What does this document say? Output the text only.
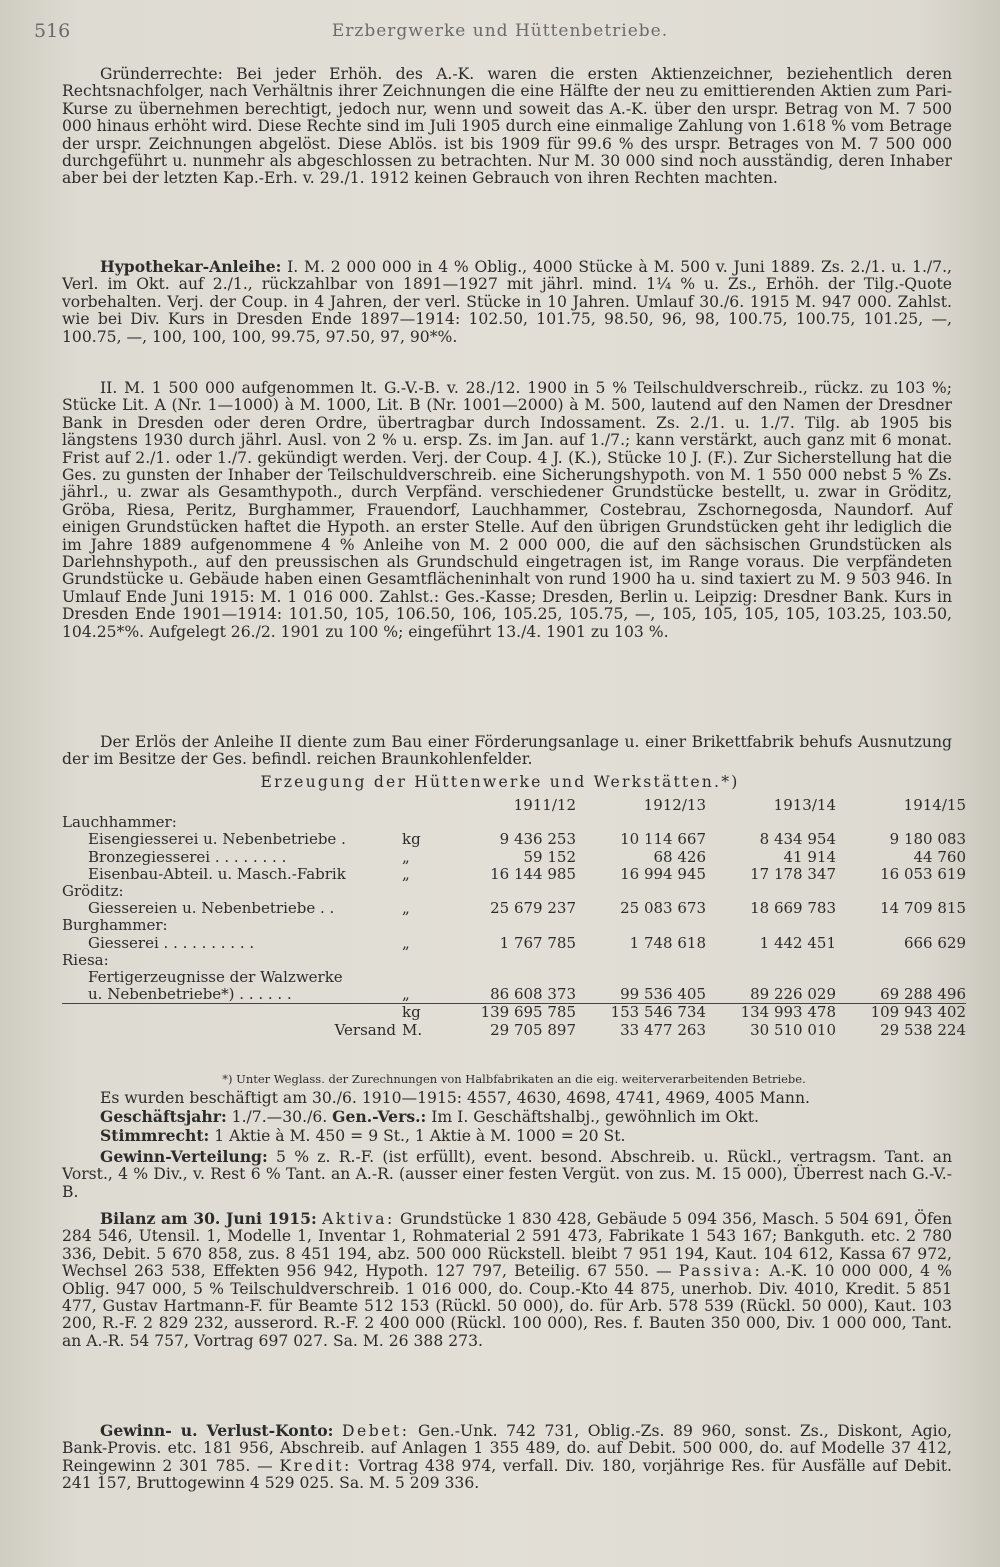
516	Erzbergwerke und Hüttenbetriebe.
Gründerrechte: Bei jeder Erhöh. des A.-K. waren die ersten Aktienzeichner, beziehentlich deren Rechtsnachfolger, nach Verhältnis ihrer Zeichnungen die eine Hälfte der neu zu emittierenden Aktien zum Pari-Kurse zu übernehmen berechtigt, jedoch nur, wenn und soweit das A.-K. über den urspr. Betrag von M. 7 500 000 hinaus erhöht wird. Diese Rechte sind im Juli 1905 durch eine einmalige Zahlung von 1.618 % vom Betrage der urspr. Zeichnungen abgelöst. Diese Ablös. ist bis 1909 für 99.6 % des urspr. Betrages von M. 7 500 000 durchgeführt u. nunmehr als abgeschlossen zu betrachten. Nur M. 30 000 sind noch ausständig, deren Inhaber aber bei der letzten Kap.-Erh. v. 29./1. 1912 keinen Gebrauch von ihren Rechten machten.
Hypothekar-Anleihe: I. M. 2 000 000 in 4 % Oblig., 4000 Stücke à M. 500 v. Juni 1889. Zs. 2./1. u. 1./7., Verl. im Okt. auf 2./1., rückzahlbar von 1891—1927 mit jährl. mind. 1¼ % u. Zs., Erhöh. der Tilg.-Quote vorbehalten. Verj. der Coup. in 4 Jahren, der verl. Stücke in 10 Jahren. Umlauf 30./6. 1915 M. 947 000. Zahlst. wie bei Div. Kurs in Dresden Ende 1897—1914: 102.50, 101.75, 98.50, 96, 98, 100.75, 100.75, 101.25, —, 100.75, —, 100, 100, 100, 99.75, 97.50, 97, 90*%.
II. M. 1 500 000 aufgenommen lt. G.-V.-B. v. 28./12. 1900 in 5 % Teilschuldverschreib., rückz. zu 103 %; Stücke Lit. A (Nr. 1—1000) à M. 1000, Lit. B (Nr. 1001—2000) à M. 500, lautend auf den Namen der Dresdner Bank in Dresden oder deren Ordre, übertragbar durch Indossament. Zs. 2./1. u. 1./7. Tilg. ab 1905 bis längstens 1930 durch jährl. Ausl. von 2 % u. ersp. Zs. im Jan. auf 1./7.; kann verstärkt, auch ganz mit 6 monat. Frist auf 2./1. oder 1./7. gekündigt werden. Verj. der Coup. 4 J. (K.), Stücke 10 J. (F.). Zur Sicherstellung hat die Ges. zu gunsten der Inhaber der Teilschuldverschreib. eine Sicherungshypoth. von M. 1 550 000 nebst 5 % Zs. jährl., u. zwar als Gesamthypoth., durch Verpfänd. verschiedener Grundstücke bestellt, u. zwar in Gröditz, Gröba, Riesa, Peritz, Burghammer, Frauendorf, Lauchhammer, Costebrau, Zschornegosda, Naundorf. Auf einigen Grundstücken haftet die Hypoth. an erster Stelle. Auf den übrigen Grundstücken geht ihr lediglich die im Jahre 1889 aufgenommene 4 % Anleihe von M. 2 000 000, die auf den sächsischen Grundstücken als Darlehnshypoth., auf den preussischen als Grundschuld eingetragen ist, im Range voraus. Die verpfändeten Grundstücke u. Gebäude haben einen Gesamtflächeninhalt von rund 1900 ha u. sind taxiert zu M. 9 503 946. In Umlauf Ende Juni 1915: M. 1 016 000. Zahlst.: Ges.-Kasse; Dresden, Berlin u. Leipzig: Dresdner Bank. Kurs in Dresden Ende 1901—1914: 101.50, 105, 106.50, 106, 105.25, 105.75, —, 105, 105, 105, 105, 103.25, 103.50, 104.25*%. Aufgelegt 26./2. 1901 zu 100 %; eingeführt 13./4. 1901 zu 103 %.
Der Erlös der Anleihe II diente zum Bau einer Förderungsanlage u. einer Brikettfabrik behufs Ausnutzung der im Besitze der Ges. befindl. reichen Braunkohlenfelder.
Erzeugung der Hüttenwerke und Werkstätten.*)
		1911/12	1912/13	1913/14	1914/15
Lauchhammer:					
Eisengiesserei u. Nebenbetriebe .	kg	9 436 253	10 114 667	8 434 954	9 180 083
Bronzegiesserei . . . . . . . .	„	59 152	68 426	41 914	44 760
Eisenbau-Abteil. u. Masch.-Fabrik	„	16 144 985	16 994 945	17 178 347	16 053 619
Gröditz:					
Giessereien u. Nebenbetriebe . .	„	25 679 237	25 083 673	18 669 783	14 709 815
Burghammer:					
Giesserei . . . . . . . . . .	„	1 767 785	1 748 618	1 442 451	666 629
Riesa:					
Fertigerzeugnisse der Walzwerke					
u. Nebenbetriebe*) . . . . . .	„	86 608 373	99 536 405	89 226 029	69 288 496
	kg	139 695 785	153 546 734	134 993 478	109 943 402
Versand	M.	29 705 897	33 477 263	30 510 010	29 538 224
*) Unter Weglass. der Zurechnungen von Halbfabrikaten an die eig. weiterverarbeitenden Betriebe.
Es wurden beschäftigt am 30./6. 1910—1915: 4557, 4630, 4698, 4741, 4969, 4005 Mann.
Geschäftsjahr: 1./7.—30./6. Gen.-Vers.: Im I. Geschäftshalbj., gewöhnlich im Okt.
Stimmrecht: 1 Aktie à M. 450 = 9 St., 1 Aktie à M. 1000 = 20 St.
Gewinn-Verteilung: 5 % z. R.-F. (ist erfüllt), event. besond. Abschreib. u. Rückl., vertragsm. Tant. an Vorst., 4 % Div., v. Rest 6 % Tant. an A.-R. (ausser einer festen Vergüt. von zus. M. 15 000), Überrest nach G.-V.-B.
Bilanz am 30. Juni 1915: Aktiva: Grundstücke 1 830 428, Gebäude 5 094 356, Masch. 5 504 691, Öfen 284 546, Utensil. 1, Modelle 1, Inventar 1, Rohmaterial 2 591 473, Fabrikate 1 543 167; Bankguth. etc. 2 780 336, Debit. 5 670 858, zus. 8 451 194, abz. 500 000 Rückstell. bleibt 7 951 194, Kaut. 104 612, Kassa 67 972, Wechsel 263 538, Effekten 956 942, Hypoth. 127 797, Beteilig. 67 550. — Passiva: A.-K. 10 000 000, 4 % Oblig. 947 000, 5 % Teilschuldverschreib. 1 016 000, do. Coup.-Kto 44 875, unerhob. Div. 4010, Kredit. 5 851 477, Gustav Hartmann-F. für Beamte 512 153 (Rückl. 50 000), do. für Arb. 578 539 (Rückl. 50 000), Kaut. 103 200, R.-F. 2 829 232, ausserord. R.-F. 2 400 000 (Rückl. 100 000), Res. f. Bauten 350 000, Div. 1 000 000, Tant. an A.-R. 54 757, Vortrag 697 027. Sa. M. 26 388 273.
Gewinn- u. Verlust-Konto: Debet: Gen.-Unk. 742 731, Oblig.-Zs. 89 960, sonst. Zs., Diskont, Agio, Bank-Provis. etc. 181 956, Abschreib. auf Anlagen 1 355 489, do. auf Debit. 500 000, do. auf Modelle 37 412, Reingewinn 2 301 785. — Kredit: Vortrag 438 974, verfall. Div. 180, vorjährige Res. für Ausfälle auf Debit. 241 157, Bruttogewinn 4 529 025. Sa. M. 5 209 336.
